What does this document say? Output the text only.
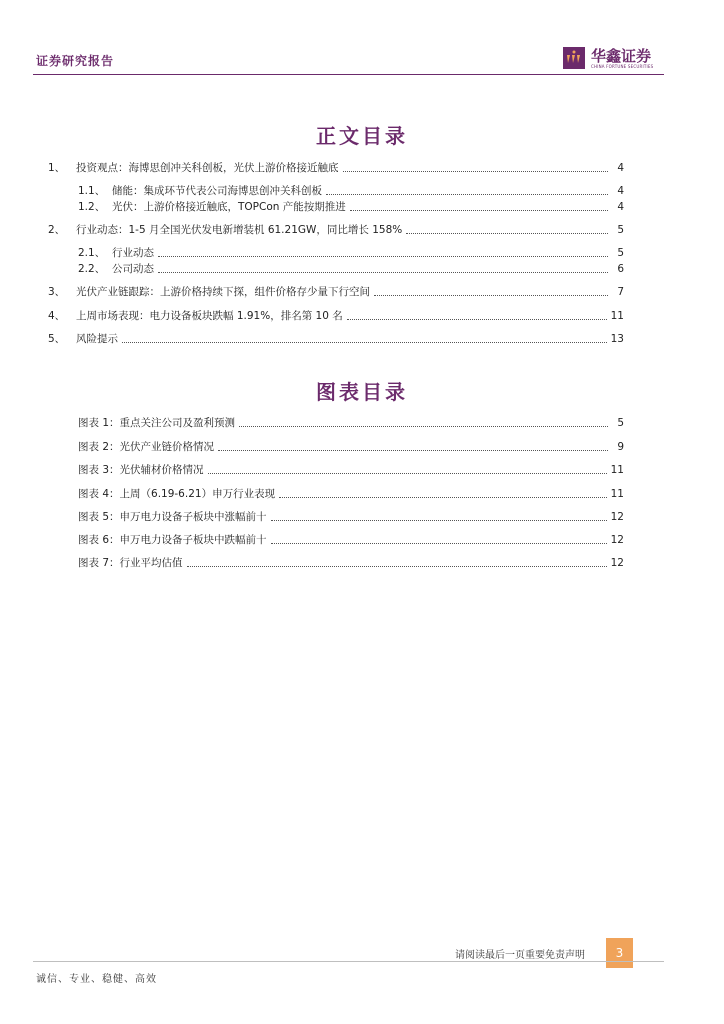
证券研究报告	华鑫证券
CHINA FORTUNE SECURITIES
正文目录
1、	投资观点：海博思创冲关科创板，光伏上游价格接近触底	4
1.1、 储能：集成环节代表公司海博思创冲关科创板	4
1.2、 光伏：上游价格接近触底，TOPCon 产能按期推进	4
2、	行业动态：1-5 月全国光伏发电新增装机 61.21GW，同比增长 158%	5
2.1、 行业动态	5
2.2、 公司动态	6
3、	光伏产业链跟踪：上游价格持续下探，组件价格存少量下行空间	7
4、	上周市场表现：电力设备板块跌幅 1.91%，排名第 10 名	11
5、	风险提示	13
图表目录
图表 1：重点关注公司及盈利预测	5
图表 2：光伏产业链价格情况	9
图表 3：光伏辅材价格情况	11
图表 4：上周（6.19-6.21）申万行业表现	11
图表 5：申万电力设备子板块中涨幅前十	12
图表 6：申万电力设备子板块中跌幅前十	12
图表 7：行业平均估值	12
请阅读最后一页重要免责声明	3
诚信、专业、稳健、高效
